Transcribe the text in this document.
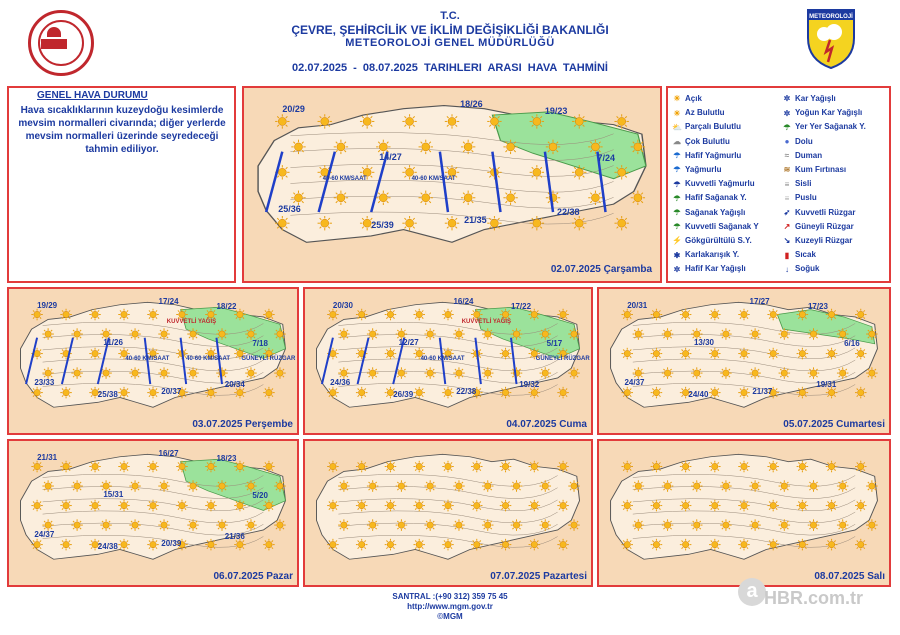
T.C.
ÇEVRE, ŞEHİRCİLİK VE İKLİM DEĞİŞİKLİĞİ BAKANLIĞI
METEOROLOJİ GENEL MÜDÜRLÜĞÜ
02.07.2025 - 08.07.2025 TARIHLERI ARASI HAVA TAHMİNİ
METEOROLOJİ
GENEL HAVA DURUMU
Hava sıcaklıklarının kuzeydoğu kesimlerde mevsim normalleri civarında; diğer yerlerde mevsim normalleri üzerinde seyredeceği tahmin ediliyor.
20/29	18/26
19/23
14/27	7/24
25/36
25/39	21/35
22/38
40-60 KM/SAAT	40-60 KM/SAAT
02.07.2025 Çarşamba
19/29	17/24
18/22
11/26	7/18
23/33
25/38	20/37
20/34
KUVVETLİ YAĞIŞ
40-60 KM/SAAT	40-60 KM/SAAT GÜNEYLİ RÜZGAR
03.07.2025 Perşembe
20/30	16/24
17/22
12/27	5/17
24/36
26/39	22/38
19/32
KUVVETLİ YAĞIŞ
40-60 KM/SAAT	GÜNEYLİ RÜZGAR
04.07.2025 Cuma
20/31	17/27
17/23
13/30	6/16
24/37
24/40	21/37
19/31
05.07.2025 Cumartesi
21/31	16/27
18/23
15/31	5/20
24/37
24/38	20/39
21/36
06.07.2025 Pazar	07.07.2025 Pazartesi	08.07.2025 Salı
☀ Açık
☀ Az Bulutlu
⛅ Parçalı Bulutlu
☁ Çok Bulutlu
☂ Hafif Yağmurlu
☂ Yağmurlu
☂ Kuvvetli Yağmurlu
☂ Hafif Sağanak Y.
☂ Sağanak Yağışlı
☂ Kuvvetli Sağanak Y
⚡ Gökgürültülü S.Y.
✱ Karlakarışık Y.
✲ Hafif Kar Yağışlı
✲ Kar Yağışlı
✲ Yoğun Kar Yağışlı
☂ Yer Yer Sağanak Y.
● Dolu
≈ Duman
≋ Kum Fırtınası
≡ Sisli
≡ Puslu
➶ Kuvvetli Rüzgar
↗ Güneyli Rüzgar
↘ Kuzeyli Rüzgar
▮ Sıcak
↓ Soğuk
SANTRAL :(+90 312) 359 75 45
http://www.mgm.gov.tr
©MGM
a HBR.com.tr
